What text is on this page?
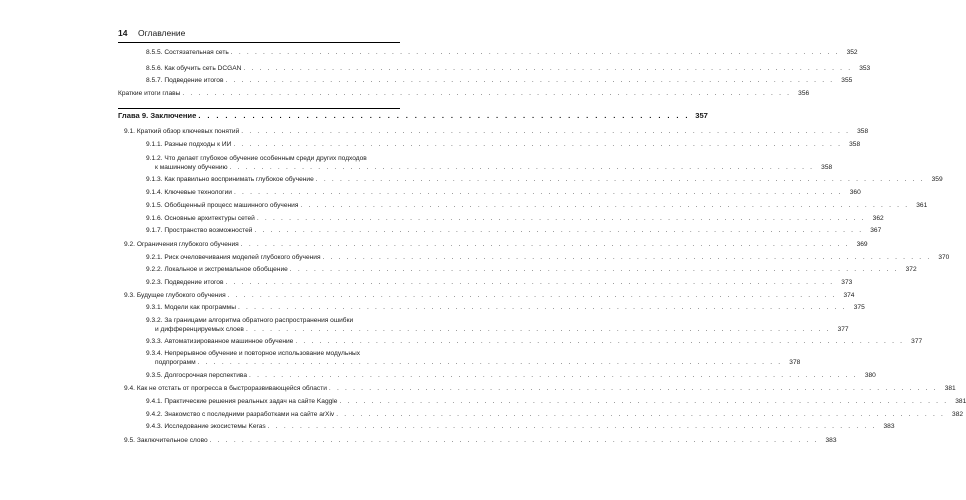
14 Оглавление
8.5.5. Состязательная сеть . . . . . . . . . . . . . . . . . . . . . . . . . . . . . . . . . . . . . . . . . . . . . . . . . . . . . . . . . . . . . . . . . . . . . . . . . . . .	352
8.5.6. Как обучить сеть DCGAN . . . . . . . . . . . . . . . . . . . . . . . . . . . . . . . . . . . . . . . . . . . . . . . . . . . . . . . . . . . . . . . . . . . . . . . . . . . .	353
8.5.7. Подведение итогов . . . . . . . . . . . . . . . . . . . . . . . . . . . . . . . . . . . . . . . . . . . . . . . . . . . . . . . . . . . . . . . . . . . . . . . . . . . .	355
Краткие итоги главы . . . . . . . . . . . . . . . . . . . . . . . . . . . . . . . . . . . . . . . . . . . . . . . . . . . . . . . . . . . . . . . . . . . . . . . . . . . .	356
Глава 9. Заключение . . . . . . . . . . . . . . . . . . . . . . . . . . . . . . . . . . . . . . . . . . . . . . . . . . . . . . . 357
9.1. Краткий обзор ключевых понятий . . . . . . . . . . . . . . . . . . . . . . . . . . . . . . . . . . . . . . . . . . . . . . . . . . . . . . . . . . . . . . . . . . . . . . . . . . . .	358
9.1.1. Разные подходы к ИИ . . . . . . . . . . . . . . . . . . . . . . . . . . . . . . . . . . . . . . . . . . . . . . . . . . . . . . . . . . . . . . . . . . . . . . . . . . . .	358
9.1.2. Что делает глубокое обучение особенным среди других подходов
к машинному обучению . . . . . . . . . . . . . . . . . . . . . . . . . . . . . . . . . . . . . . . . . . . . . . . . . . . . . . . . . . . . . . . . . . . . . . . . .	358
9.1.3. Как правильно воспринимать глубокое обучение . . . . . . . . . . . . . . . . . . . . . . . . . . . . . . . . . . . . . . . . . . . . . . . . . . . . . . . . . . . . . . . . . . . . . . . . . . . .	359
9.1.4. Ключевые технологии . . . . . . . . . . . . . . . . . . . . . . . . . . . . . . . . . . . . . . . . . . . . . . . . . . . . . . . . . . . . . . . . . . . . . . . . . . . .	360
9.1.5. Обобщенный процесс машинного обучения . . . . . . . . . . . . . . . . . . . . . . . . . . . . . . . . . . . . . . . . . . . . . . . . . . . . . . . . . . . . . . . . . . . . . . . . . . . .	361
9.1.6. Основные архитектуры сетей . . . . . . . . . . . . . . . . . . . . . . . . . . . . . . . . . . . . . . . . . . . . . . . . . . . . . . . . . . . . . . . . . . . . . . . . . . . .	362
9.1.7. Пространство возможностей . . . . . . . . . . . . . . . . . . . . . . . . . . . . . . . . . . . . . . . . . . . . . . . . . . . . . . . . . . . . . . . . . . . . . . . . . . . .	367
9.2. Ограничения глубокого обучения . . . . . . . . . . . . . . . . . . . . . . . . . . . . . . . . . . . . . . . . . . . . . . . . . . . . . . . . . . . . . . . . . . . . . . . . . . . .	369
9.2.1. Риск очеловечивания моделей глубокого обучения . . . . . . . . . . . . . . . . . . . . . . . . . . . . . . . . . . . . . . . . . . . . . . . . . . . . . . . . . . . . . . . . . . . . . . . . . . . .	370
9.2.2. Локальное и экстремальное обобщение . . . . . . . . . . . . . . . . . . . . . . . . . . . . . . . . . . . . . . . . . . . . . . . . . . . . . . . . . . . . . . . . . . . . . . . . . . . .	372
9.2.3. Подведение итогов . . . . . . . . . . . . . . . . . . . . . . . . . . . . . . . . . . . . . . . . . . . . . . . . . . . . . . . . . . . . . . . . . . . . . . . . . . . .	373
9.3. Будущее глубокого обучения . . . . . . . . . . . . . . . . . . . . . . . . . . . . . . . . . . . . . . . . . . . . . . . . . . . . . . . . . . . . . . . . . . . . . . . . . . . .	374
9.3.1. Модели как программы . . . . . . . . . . . . . . . . . . . . . . . . . . . . . . . . . . . . . . . . . . . . . . . . . . . . . . . . . . . . . . . . . . . . . . . . . . . .	375
9.3.2. За границами алгоритма обратного распространения ошибки
и дифференцируемых слоев . . . . . . . . . . . . . . . . . . . . . . . . . . . . . . . . . . . . . . . . . . . . . . . . . . . . . . . . . . . . . . . . . . . . . . . . .	377
9.3.3. Автоматизированное машинное обучение . . . . . . . . . . . . . . . . . . . . . . . . . . . . . . . . . . . . . . . . . . . . . . . . . . . . . . . . . . . . . . . . . . . . . . . . . . . .	377
9.3.4. Непрерывное обучение и повторное использование модульных
подпрограмм . . . . . . . . . . . . . . . . . . . . . . . . . . . . . . . . . . . . . . . . . . . . . . . . . . . . . . . . . . . . . . . . . . . . . . . . .	378
9.3.5. Долгосрочная перспектива . . . . . . . . . . . . . . . . . . . . . . . . . . . . . . . . . . . . . . . . . . . . . . . . . . . . . . . . . . . . . . . . . . . . . . . . . . . .	380
9.4. Как не отстать от прогресса в быстроразвивающейся области . . . . . . . . . . . . . . . . . . . . . . . . . . . . . . . . . . . . . . . . . . . . . . . . . . . . . . . . . . . . . . . . . . . . . . . . . . . .	381
9.4.1. Практические решения реальных задач на сайте Kaggle . . . . . . . . . . . . . . . . . . . . . . . . . . . . . . . . . . . . . . . . . . . . . . . . . . . . . . . . . . . . . . . . . . . . . . . . . . . .	381
9.4.2. Знакомство с последними разработками на сайте arXiv . . . . . . . . . . . . . . . . . . . . . . . . . . . . . . . . . . . . . . . . . . . . . . . . . . . . . . . . . . . . . . . . . . . . . . . . . . . .	382
9.4.3. Исследование экосистемы Keras . . . . . . . . . . . . . . . . . . . . . . . . . . . . . . . . . . . . . . . . . . . . . . . . . . . . . . . . . . . . . . . . . . . . . . . . . . . .	383
9.5. Заключительное слово . . . . . . . . . . . . . . . . . . . . . . . . . . . . . . . . . . . . . . . . . . . . . . . . . . . . . . . . . . . . . . . . . . . . . . . . . . . .	383
